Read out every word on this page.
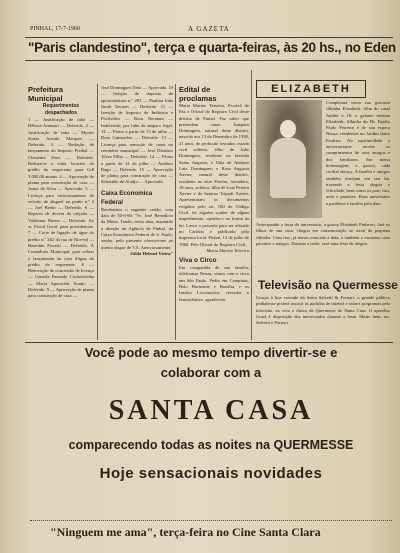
PINHAL, 17-7-1960	A GAZETA
"Paris clandestino", terça e quarta-feiras, às 20 hs., no Eden
Prefeitura Municipal
Requerimentos despachados
1 — Justificação de falta — Débora Avansari — Deferido. 2 — Justificação de falta — Myrtes Souza Arruda Marques — Deferido. 3 — Redução de lançamento do Imposto Predial — Clemente Davi — Deferido. Reduza-se o valor locativo do prédio do requerente para Cr$ 3.000,00 anuais. 4 — Aprovação de planta para construção de casa — Joana da Silva — Aprovada. 5 — Licença para estacionamento de veículo de aluguel no ponto n.º 2 — Joel Bento — Deferido. 6 — Reparos de devera da calçada — Valdemar Bueno — Deferido. Ao sr. Fiscal Geral, para providenciar. 7 — Corte de ligação de água do prédio n.º 282 da rua de Riceval — Benedito Fioretti — Deferido. À Contadoria Municipal, para cobrar o lançamento da taxa d'água do prédio do requerente. 8 — Renovação de concessão de licença — Comida Fazenda Cachoeirinha — Maria Aparecida Araújo — Deferido. 9 — Aprovação de planta para construção de casa —
José Domingues Neto — Aprovada. 10 — Isenção de imposto de aposentadoria n.º 283 — Paulina João Jacob Tavares — Deferido. 11 — Isenção de Imposto de Indústria e Profissões — Rosa Neraiam — Indeferido; por falta de amparo legal. 12 — Férias a partir de 13 de julho — Dora Guimarães — Deferido. 13 — Licença para remoção de casas no cemitério municipal — José Dionísio Alves Filho — Deferido. 14 — Férias a partir de 14 de julho — Antônio Rago — Deferido. 15 — Aprovação de planta para construção de casa — Sebastião de Araújo — Aprovada.
Caixa Economica Federal
Recebemos o seguinte cartão, com data de 30-6-60: "Sr. José Benedicto da Motta. Tendo, nesta data, assumido a direção da Agência de Pinhal, da Caixa Econômica Federal de S. Paulo, venho, pelo presente oferecer-me ao inteiro dispor de V.S. Atenciosamente,
Gilda Helenei Vieira"
Edital de proclamas
Maria Marino Teixeira, Escrivã de Paz e Oficial do Registro Civil deste distrito de Pinhal. Faz saber que pretendem casar: Joaquim Domingues, natural deste distrito, nascido aos 13 de Dezembro de 1938, 21 anos, de profissão lavrador, estado civil solteiro, filho de João Domingues, residente na fazenda Santa Augusta, e Júlia de Antônio Luiz Domingues; e Rosa Augusta Xavier, natural deste distrito, residente no sítio Pereira, lavradora, 18 anos, solteira, filha de Luiz Pereira Xavier e de Santina Tripodi Xavier. Apresentaram os documentos exigidos pelo art. 180 do Código Civil. Se alguém souber de algum impedimento, oponha-o na forma da lei. Lavro o presente para ser afixado no Cartório e publicado pela imprensa local. Pinhal, 12 de julho de 1960. Pelo Oficial do Registro Civil,
Maria Marino Teixeira
Viva o Circo
Em companhia de sua família, telefonista Neuza, vimos com o circo um São Paulo. Pediu em Campinas, Belo Horizonte e Brasília, e os Irmãos Locomotiva, vereador e farmacêutico, agradecem.
ELIZABETH
Completará nesta sua graciosa filhinha Elizabeth, filha do casal Jardini e 18, a galante menina Elizabeth, filhinha do Dr. Egidio Paulo Ferreira e de sua esposa Neusa, residentes no Jardim Itaim Paulista. Na oportunidade a aniversariante recebe os cumprimentos de seus amigos e dos familiares. Em nossa homenagem, a garota, cada cordial abraço. A família e amigos também festejam em seu lar, trazendo a festa alegria e felicidade, bem como os pais, tios, avós e parentes. Bom aniversário e parabéns à família pela data.
Antecipando a festa do aniversário, a garota Elizabeth Pinheiro, fará os filhos de sua casa, chegou em comemoração ao natal da pequena filhinha. Com isso, já temos marcada a data, e também o encontro com parentes e amigos. Durante a tarde, será uma festa de alegria.
Televisão na Quermesse
Graças à boa vontade da firma Salvetti & Fornari, o grande público pinhalense poderá assistir às partidas de futebol e outros programas pela televisão, ao vivo e direto da Quermesse de Santa Casa. O aparelho ficará à disposição dos interessados durante a festa. Muito bem, srs. Salvetti e Fornari.
Você pode ao mesmo tempo divertir-se e
colaborar com a
SANTA CASA
comparecendo todas as noites na QUERMESSE
Hoje sensacionais novidades
"Ninguem me ama", terça-feira no Cine Santa Clara
